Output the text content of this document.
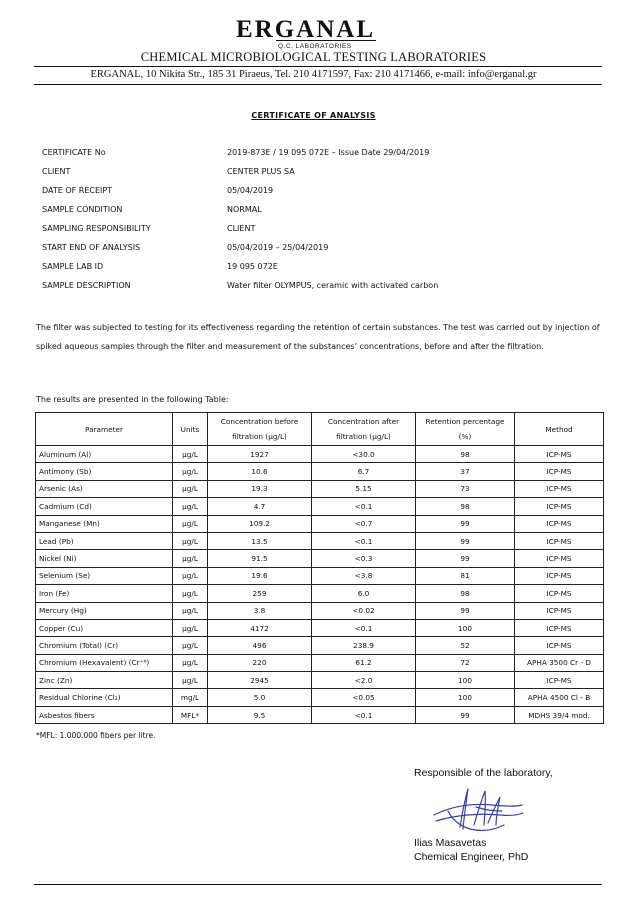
ERGANAL
Q.C. LABORATORIES
CHEMICAL MICROBIOLOGICAL TESTING LABORATORIES
ERGANAL, 10 Nikita Str., 185 31 Piraeus, Tel. 210 4171597, Fax: 210 4171466, e-mail: info@erganal.gr
CERTIFICATE OF ANALYSIS
CERTIFICATE No	2019-873E / 19 095 072E – Issue Date 29/04/2019
CLIENT	CENTER PLUS SA
DATE OF RECEIPT	05/04/2019
SAMPLE CONDITION	NORMAL
SAMPLING RESPONSIBILITY	CLIENT
START END OF ANALYSIS	05/04/2019 – 25/04/2019
SAMPLE LAB ID	19 095 072E
SAMPLE DESCRIPTION	Water filter OLYMPUS, ceramic with activated carbon
The filter was subjected to testing for its effectiveness regarding the retention of certain substances. The test was carried out by injection of spiked aqueous samples through the filter and measurement of the substances’ concentrations, before and after the filtration.
The results are presented in the following Table:
Parameter	Units	Concentration before filtration (μg/L)	Concentration after filtration (μg/L)	Retention percentage (%)	Method
Aluminum (Al)	μg/L	1927	<30.0	98	ICP-MS
Antimony (Sb)	μg/L	10.6	6.7	37	ICP-MS
Arsenic (As)	μg/L	19.3	5.15	73	ICP-MS
Cadmium (Cd)	μg/L	4.7	<0.1	98	ICP-MS
Manganese (Mn)	μg/L	109.2	<0.7	99	ICP-MS
Lead (Pb)	μg/L	13.5	<0.1	99	ICP-MS
Nickel (Ni)	μg/L	91.5	<0.3	99	ICP-MS
Selenium (Se)	μg/L	19.6	<3.8	81	ICP-MS
Iron (Fe)	μg/L	259	6.0	98	ICP-MS
Mercury (Hg)	μg/L	3.8	<0.02	99	ICP-MS
Copper (Cu)	μg/L	4172	<0.1	100	ICP-MS
Chromium (Total) (Cr)	μg/L	496	238.9	52	ICP-MS
Chromium (Hexavalent) (Cr⁺⁶)	μg/L	220	61.2	72	APHA 3500 Cr - D
Zinc (Zn)	μg/L	2945	<2.0	100	ICP-MS
Residual Chlorine (Cl₂)	mg/L	5.0	<0.05	100	APHA 4500 Cl - B
Asbestos fibers	MFL*	9.5	<0.1	99	MDHS 39/4 mod.
*MFL: 1.000.000 fibers per litre.
Responsible of the laboratory,
Ilias Masavetas
Chemical Engineer, PhD
